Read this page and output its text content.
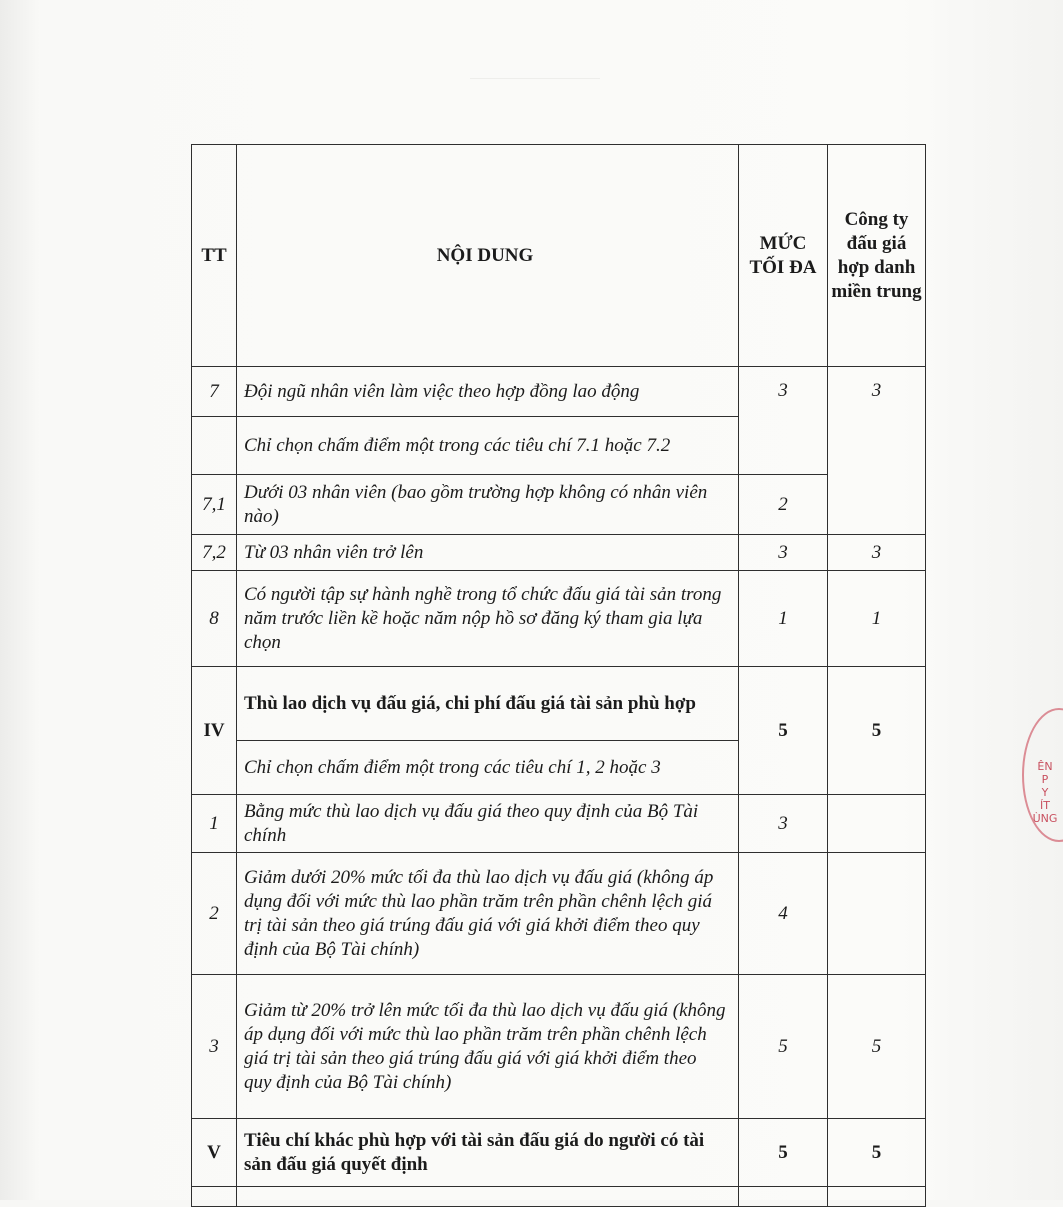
TT	NỘI DUNG	MỨC TỐI ĐA	Công ty đấu giá hợp danh miền trung
7	Đội ngũ nhân viên làm việc theo hợp đồng lao động	3	3
	Chỉ chọn chấm điểm một trong các tiêu chí 7.1 hoặc 7.2		
7,1	Dưới 03 nhân viên (bao gồm trường hợp không có nhân viên nào)	2	
7,2	Từ 03 nhân viên trở lên	3	3
8	Có người tập sự hành nghề trong tổ chức đấu giá tài sản trong năm trước liền kề hoặc năm nộp hồ sơ đăng ký tham gia lựa chọn	1	1
IV	Thù lao dịch vụ đấu giá, chi phí đấu giá tài sản phù hợp	5	5
	Chỉ chọn chấm điểm một trong các tiêu chí 1, 2 hoặc 3		
1	Bằng mức thù lao dịch vụ đấu giá theo quy định của Bộ Tài chính	3	
2	Giảm dưới 20% mức tối đa thù lao dịch vụ đấu giá (không áp dụng đối với mức thù lao phần trăm trên phần chênh lệch giá trị tài sản theo giá trúng đấu giá với giá khởi điểm theo quy định của Bộ Tài chính)	4	
3	Giảm từ 20% trở lên mức tối đa thù lao dịch vụ đấu giá (không áp dụng đối với mức thù lao phần trăm trên phần chênh lệch giá trị tài sản theo giá trúng đấu giá với giá khởi điểm theo quy định của Bộ Tài chính)	5	5
V	Tiêu chí khác phù hợp với tài sản đấu giá do người có tài sản đấu giá quyết định	5	5

ÊN
P
Y
ÍT
ÙNG
